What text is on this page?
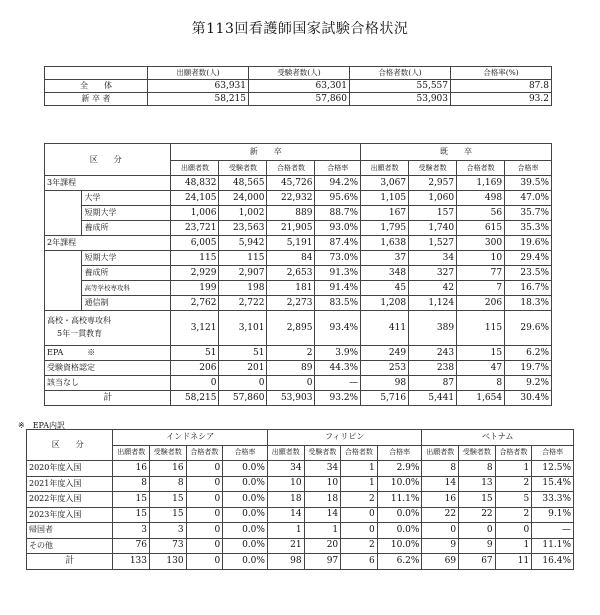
第113回看護師国家試験合格状況
	出願者数(人)	受験者数(人)	合格者数(人)	合格率(%)
全　　体	63,931	63,301	55,557	87.8
新 卒 者	58,215	57,860	53,903	93.2
区　分		新　　卒				既　　卒			
		出願者数	受験者数	合格者数	合格率	出願者数	受験者数	合格者数	合格率
3年課程		48,832	48,565	45,726	94.2%	3,067	2,957	1,169	39.5%
	大学	24,105	24,000	22,932	95.6%	1,105	1,060	498	47.0%
	短期大学	1,006	1,002	889	88.7%	167	157	56	35.7%
	養成所	23,721	23,563	21,905	93.0%	1,795	1,740	615	35.3%
2年課程		6,005	5,942	5,191	87.4%	1,638	1,527	300	19.6%
	短期大学	115	115	84	73.0%	37	34	10	29.4%
	養成所	2,929	2,907	2,653	91.3%	348	327	77	23.5%
	高等学校専攻科	199	198	181	91.4%	45	42	7	16.7%
	通信制	2,762	2,722	2,273	83.5%	1,208	1,124	206	18.3%

高校・高校専攻科
5年一貫教育		3,121	3,101	2,895	93.4%	411	389	115	29.6%
EPA　　　※		51	51	2	3.9%	249	243	15	6.2%
受験資格認定		206	201	89	44.3%	253	238	47	19.7%
該当なし		0	0	0	—	98	87	8	9.2%
計		58,215	57,860	53,903	93.2%	5,716	5,441	1,654	30.4%
※　EPA内訳
区　分	インドネシア				フィリピン				ベトナム			
	出願者数	受験者数	合格者数	合格率	出願者数	受験者数	合格者数	合格率	出願者数	受験者数	合格者数	合格率
2020年度入国	16	16	0	0.0%	34	34	1	2.9%	8	8	1	12.5%
2021年度入国	8	8	0	0.0%	10	10	1	10.0%	14	13	2	15.4%
2022年度入国	15	15	0	0.0%	18	18	2	11.1%	16	15	5	33.3%
2023年度入国	15	15	0	0.0%	14	14	0	0.0%	22	22	2	9.1%
帰国者	3	3	0	0.0%	1	1	0	0.0%	0	0	0	—
その他	76	73	0	0.0%	21	20	2	10.0%	9	9	1	11.1%
計	133	130	0	0.0%	98	97	6	6.2%	69	67	11	16.4%
